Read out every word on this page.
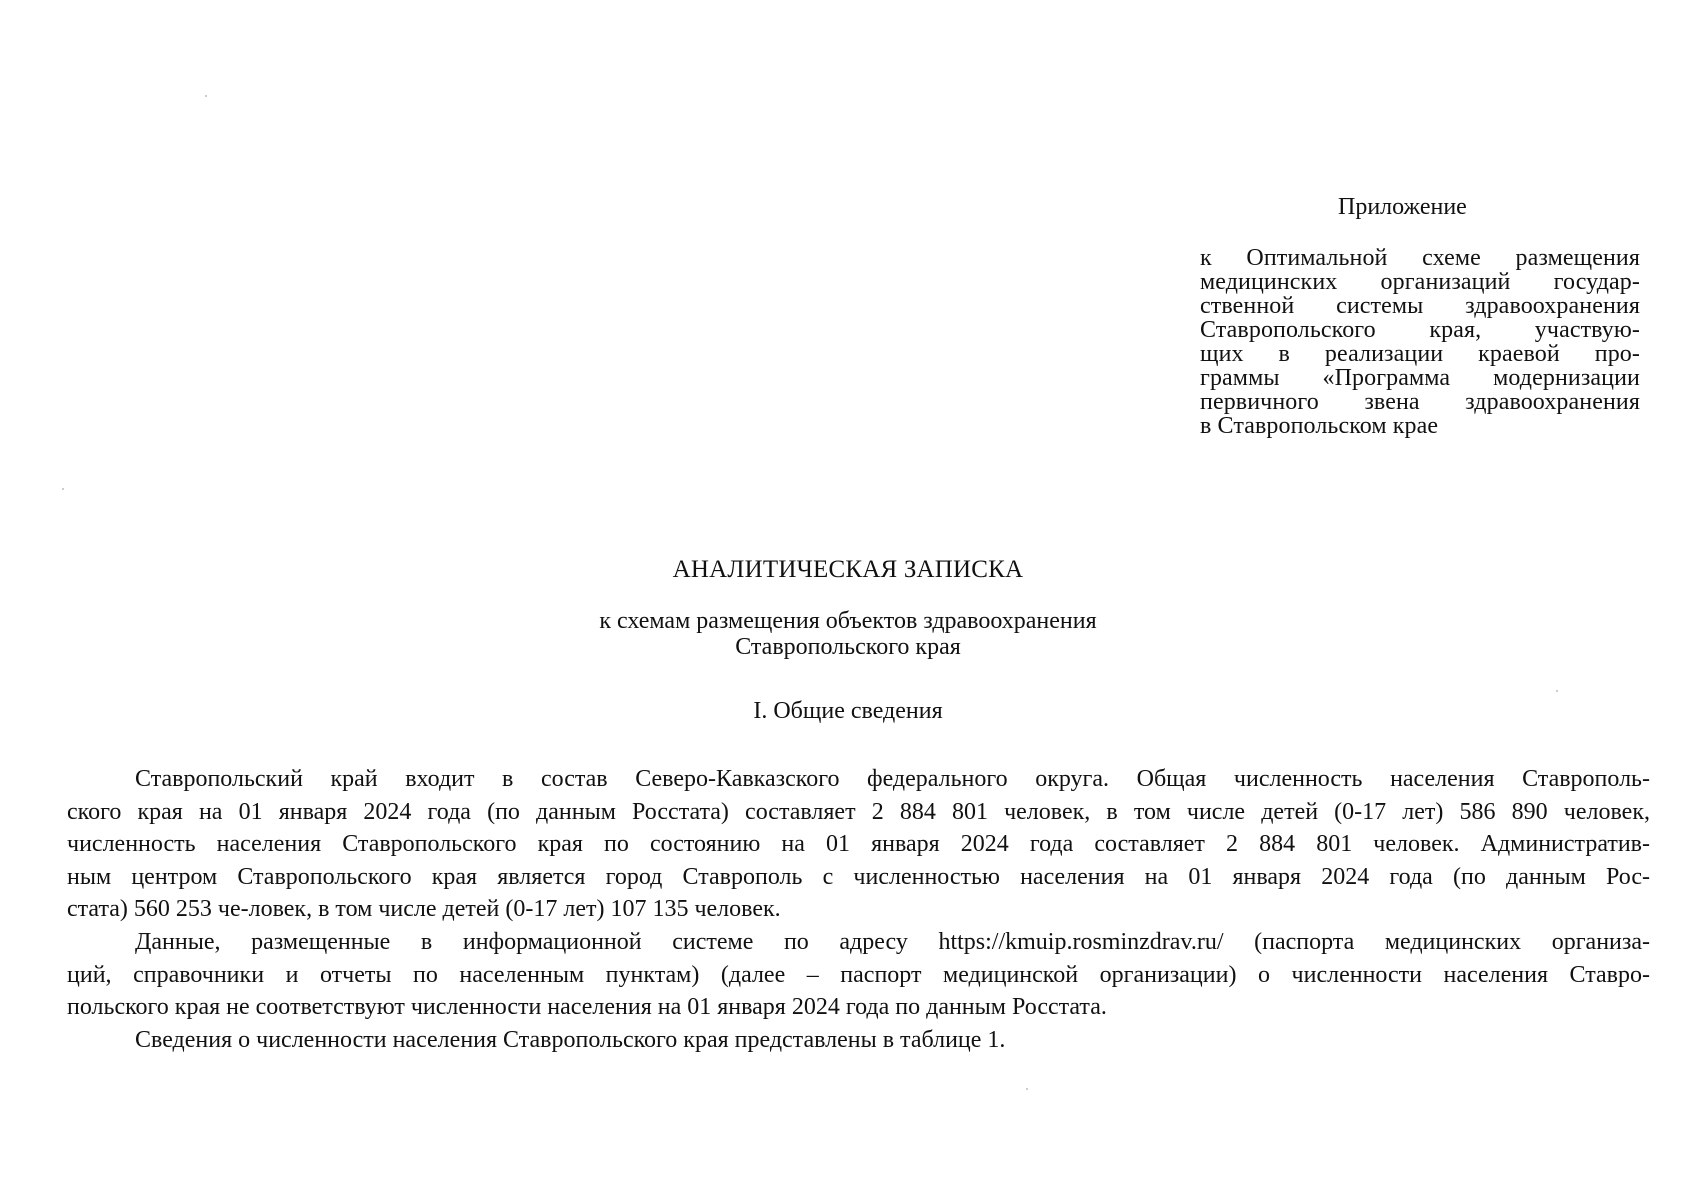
Приложение
к Оптимальной схеме размещения
медицинских организаций государ-
ственной системы здравоохранения
Ставропольского края, участвую-
щих в реализации краевой про-
граммы «Программа модернизации
первичного звена здравоохранения
в Ставропольском крае
АНАЛИТИЧЕСКАЯ ЗАПИСКА
к схемам размещения объектов здравоохранения
Ставропольского края
I. Общие сведения

Ставропольский край входит в состав Северо-Кавказского федерального округа. Общая численность населения Ставрополь-
ского края на 01 января 2024 года (по данным Росстата) составляет 2 884 801 человек, в том числе детей (0-17 лет) 586 890 человек,
численность населения Ставропольского края по состоянию на 01 января 2024 года составляет 2 884 801 человек. Административ-
ным центром Ставропольского края является город Ставрополь с численностью населения на 01 января 2024 года (по данным Рос-
стата) 560 253 че-ловек, в том числе детей (0-17 лет) 107 135 человек.

Данные, размещенные в информационной системе по адресу https://kmuip.rosminzdrav.ru/ (паспорта медицинских организа-
ций, справочники и отчеты по населенным пунктам) (далее – паспорт медицинской организации) о численности населения Ставро-
польского края не соответствуют численности населения на 01 января 2024 года по данным Росстата.

Сведения о численности населения Ставропольского края представлены в таблице 1.
